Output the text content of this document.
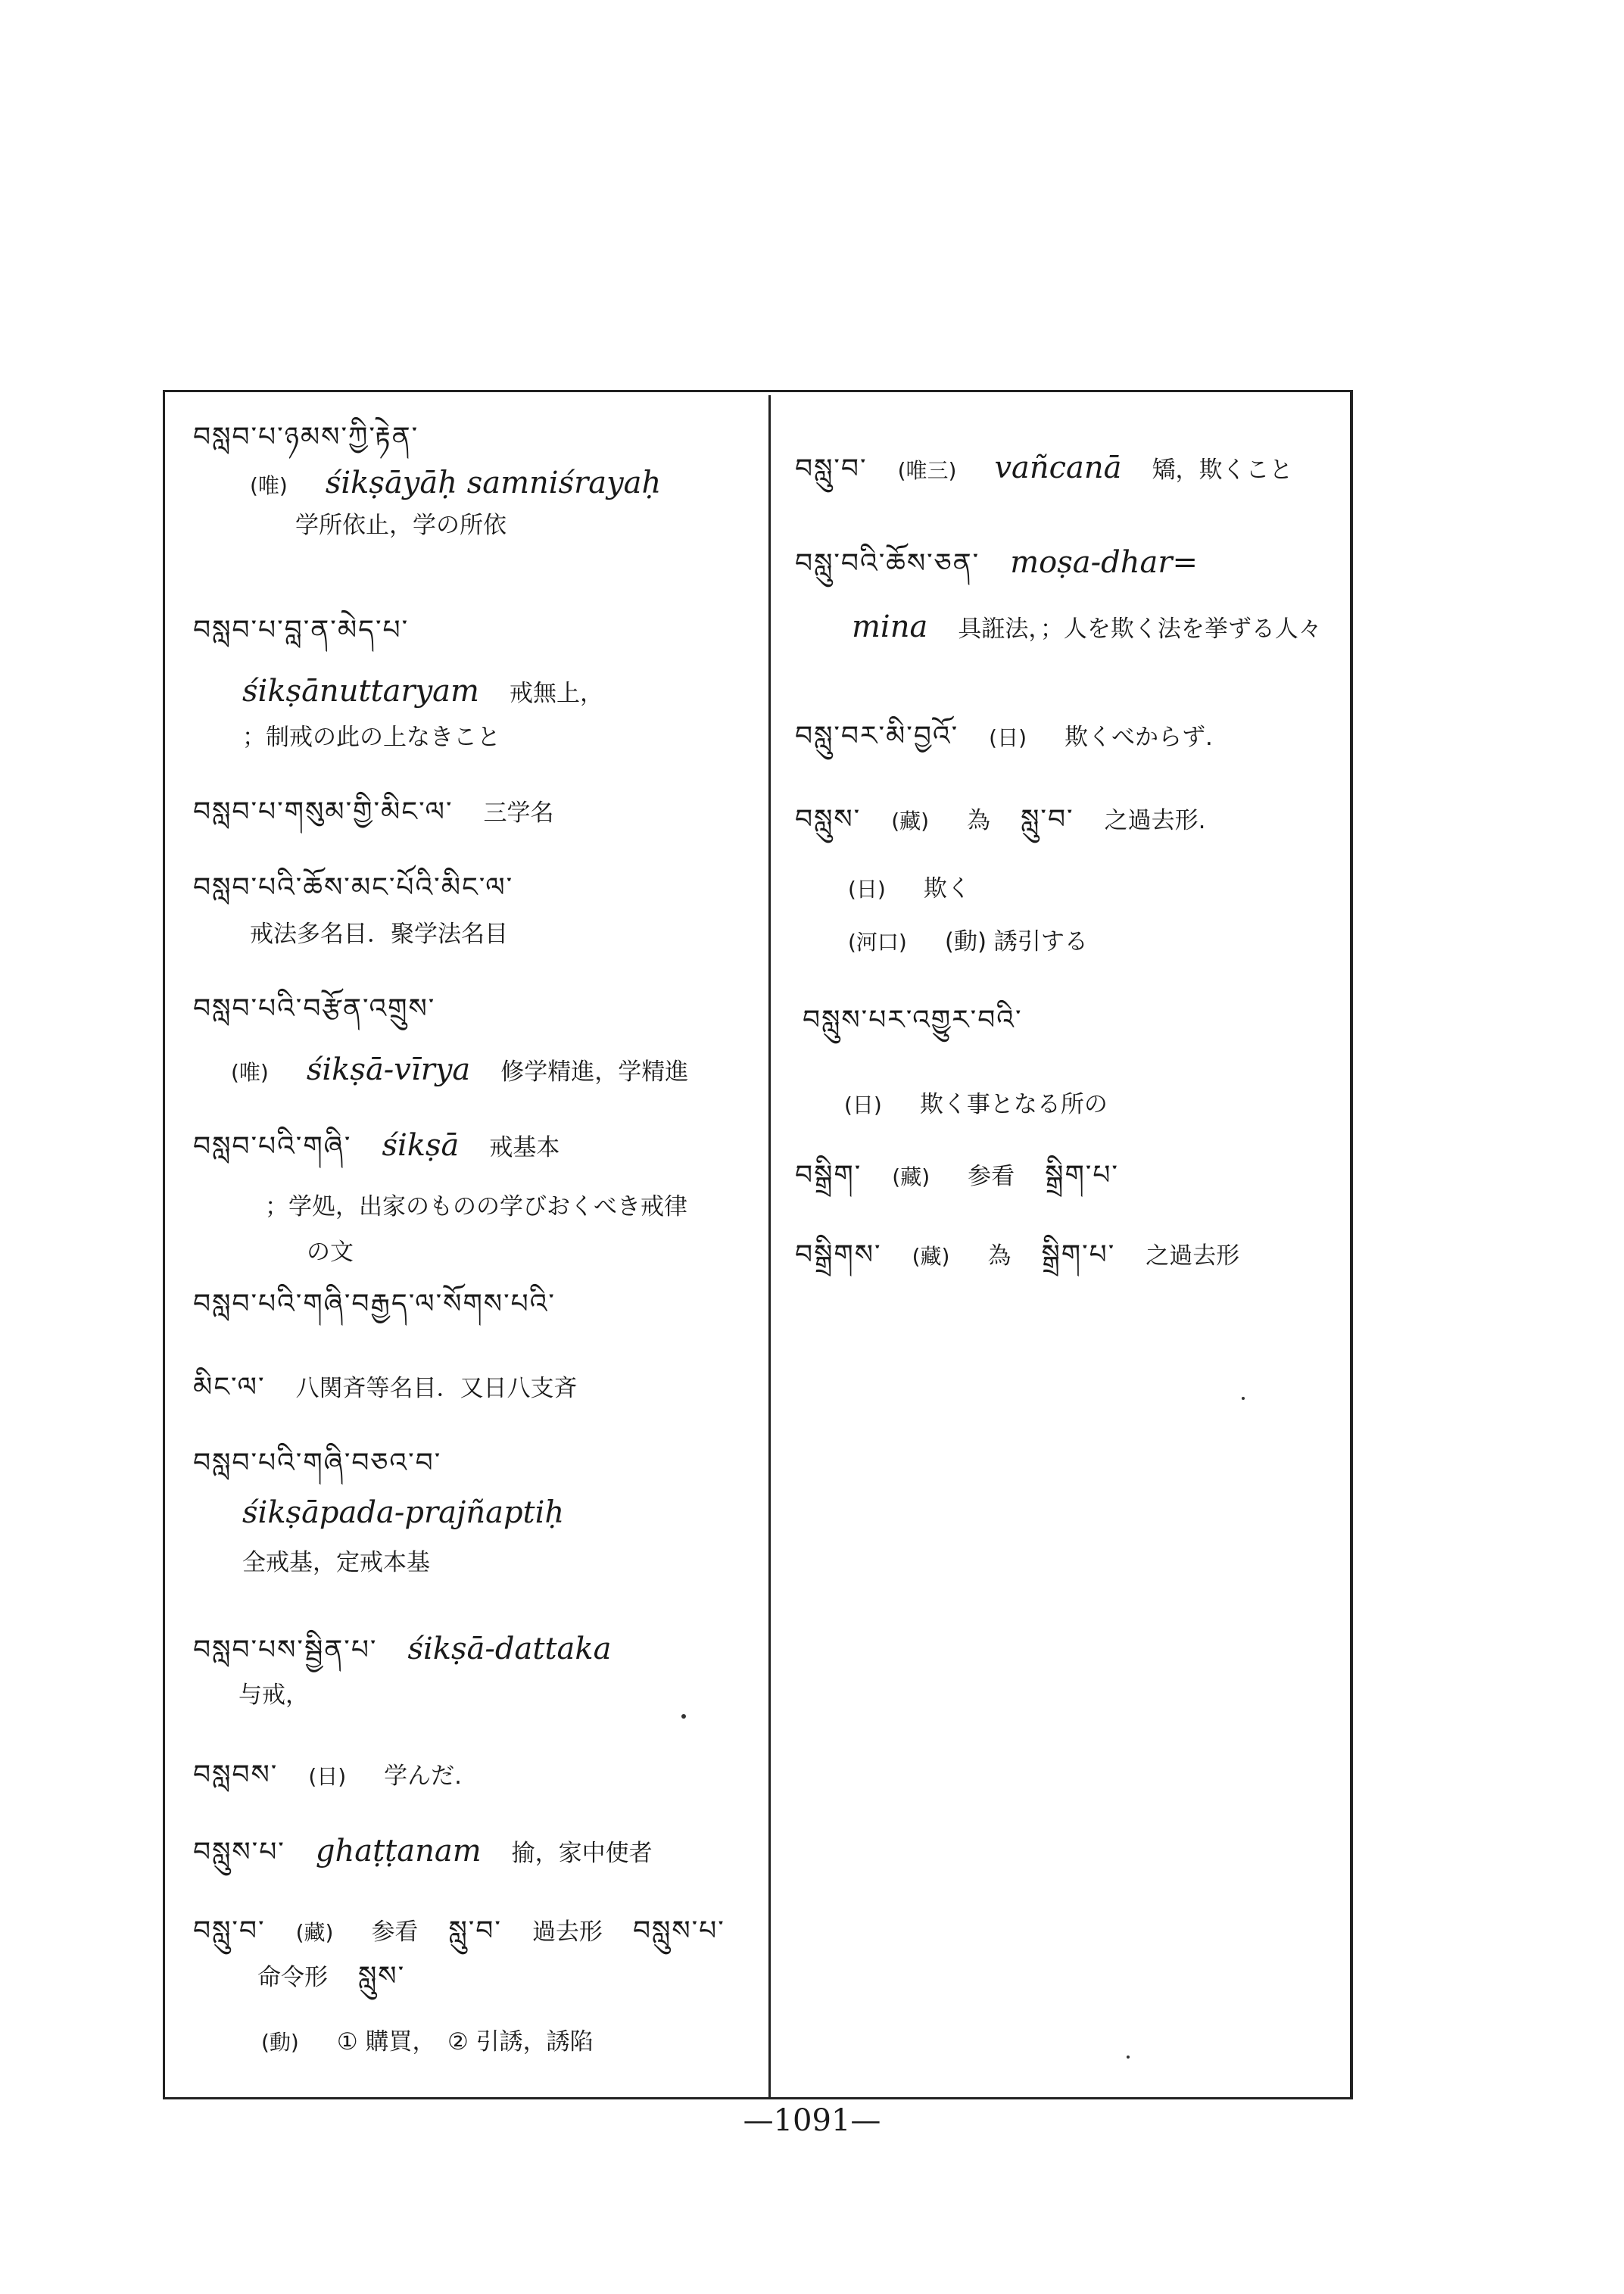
བསླབ་པ་ཉམས་ཀྱི་རྟེན་
(唯) śikṣāyāḥ samniśrayaḥ
学所依止，学の所依
བསླབ་པ་བླ་ན་མེད་པ་
śikṣānuttaryam 戒無上，
；制戒の此の上なきこと
བསླབ་པ་གསུམ་གྱི་མིང་ལ་ 三学名
བསླབ་པའི་ཆོས་མང་པོའི་མིང་ལ་
戒法多名目．聚学法名目
བསླབ་པའི་བརྩོན་འགྲུས་
(唯) śikṣā-vīrya 修学精進，学精進
བསླབ་པའི་གཞི་ śikṣā 戒基本
；学処，出家のものの学びおくべき戒律
の文
བསླབ་པའི་གཞི་བརྒྱད་ལ་སོགས་པའི་
མིང་ལ་ 八関斉等名目．又日八支斉
བསླབ་པའི་གཞི་བཅའ་བ་
śikṣāpada-prajñaptiḥ
全戒基，定戒本基
བསླབ་པས་སྦྱིན་པ་ śikṣā-dattaka
与戒，
བསླབས་ (日) 学んだ.
བསླུས་པ་ ghaṭṭanam 揄，家中使者
བསླུ་བ་ (藏) 参看 སླུ་བ་ 過去形 བསླུས་པ་
命令形 སླུས་
(動) ① 購買，　② 引誘，誘陷
བསླུ་བ་ (唯三) vañcanā 矯，欺くこと
བསླུ་བའི་ཆོས་ཅན་ moṣa-dhar=
mina 具誑法，；人を欺く法を挙ずる人々
བསླུ་བར་མི་བྱའོ་ (日) 欺くべからず.
བསླུས་ (藏) 為 སླུ་བ་ 之過去形.
(日) 欺く
(河口) (動) 誘引する
བསླུས་པར་འགྱུར་བའི་
(日) 欺く事となる所の
བསྒྲིག་ (藏) 参看 སྒྲིག་པ་
བསྒྲིགས་ (藏) 為 སྒྲིག་པ་ 之過去形
—1091—
